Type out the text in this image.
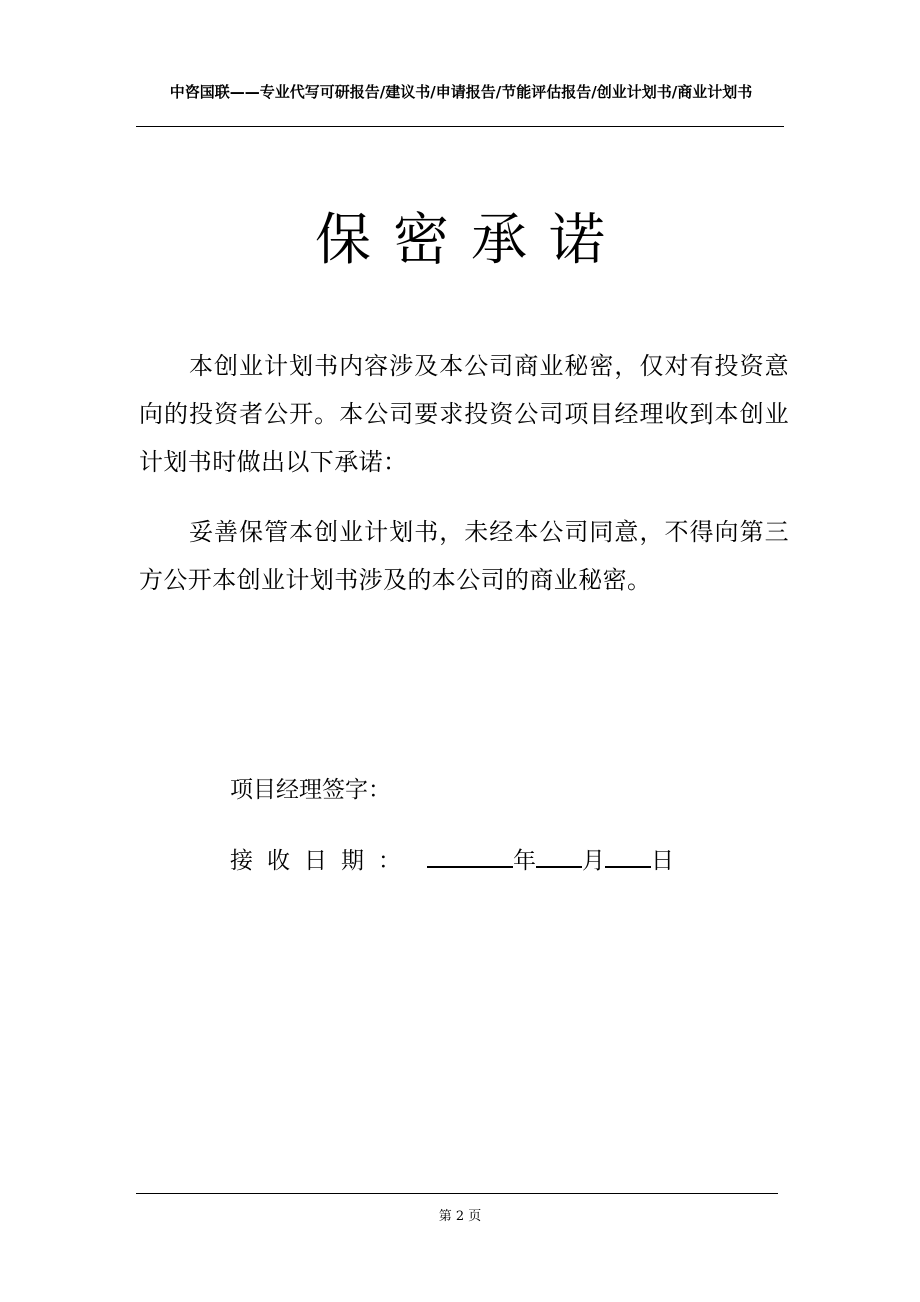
中咨国联——专业代写可研报告/建议书/申请报告/节能评估报告/创业计划书/商业计划书
保密承诺
本创业计划书内容涉及本公司商业秘密，仅对有投资意向的投资者公开。本公司要求投资公司项目经理收到本创业计划书时做出以下承诺：
妥善保管本创业计划书，未经本公司同意，不得向第三方公开本创业计划书涉及的本公司的商业秘密。
项目经理签字：
接收日期：	年 月 日
第 2 页
